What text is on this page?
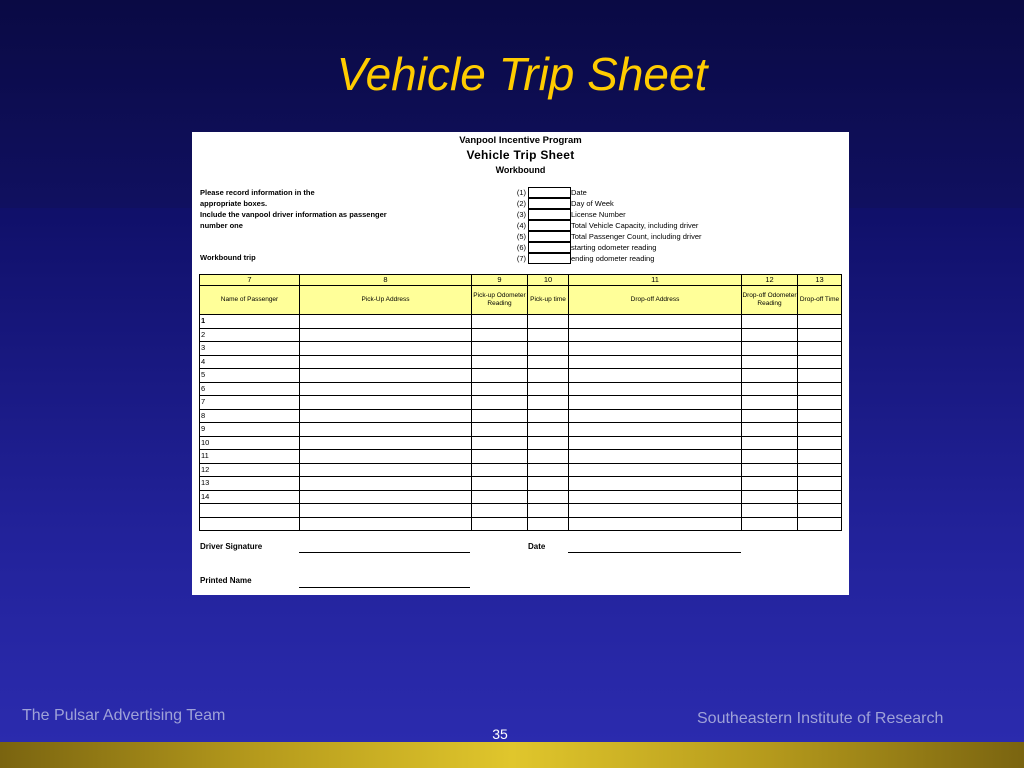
Vehicle Trip Sheet
Vanpool Incentive Program
Vehicle Trip Sheet
Workbound
Please record information in the
appropriate boxes.
Include the vanpool driver information as passenger
number one
Workbound trip
(1)	Date
(2)	Day of Week
(3)	License Number
(4)	Total Vehicle Capacity, including driver
(5)	Total Passenger Count, including driver
(6)	starting odometer reading
(7)	ending odometer reading
7	8	9	10	11	12	13
Name of Passenger	Pick-Up Address	Pick-up Odometer Reading	Pick-up time	Drop-off Address	Drop-off Odometer Reading	Drop-off Time
1						
2						
3						
4						
5						
6						
7						
8						
9						
10						
11						
12						
13						
14						

Driver Signature	Date
Printed Name
The Pulsar Advertising Team	Southeastern Institute of Research
35
